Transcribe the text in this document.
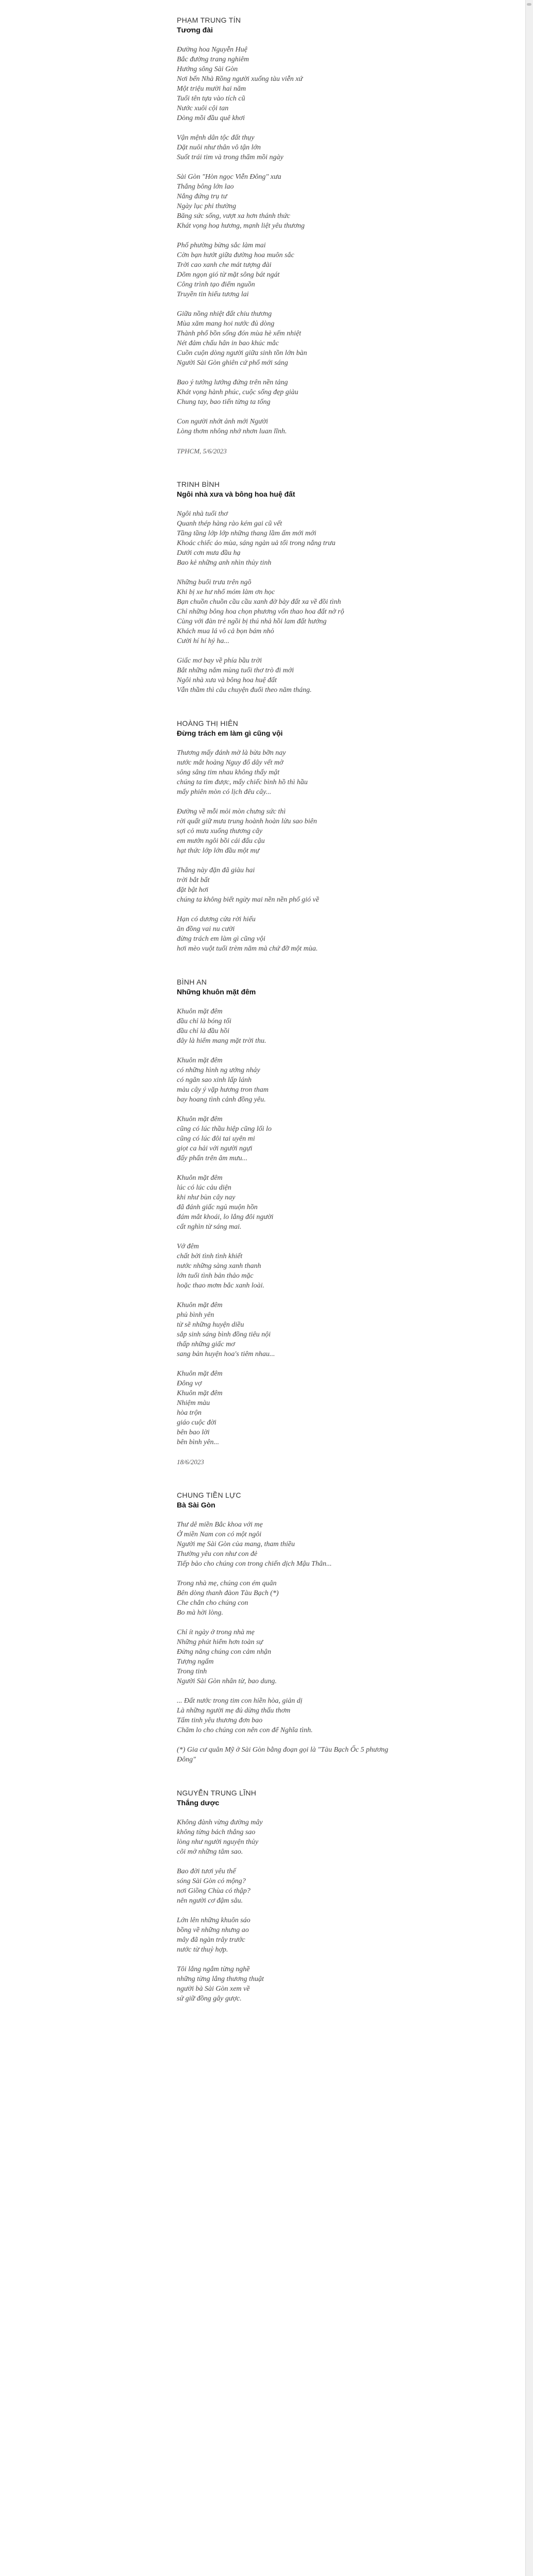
PHẠM TRUNG TÍN
Tương đài
Đường hoa Nguyễn Huệ
Bắc đường trang nghiêm
Hướng sông Sài Gòn
Nơi bến Nhà Rồng người xuống tàu viễn xứ
Một triệu mười hai năm
Tuổi tên tựa vào tích cũ
Nước xuôi cội tan
Dòng mồi đầu quê khơi
Vận mệnh dân tộc đất thụy
Dặt nuôi như thân vô tận lớn
Suốt trái tim và trong thẩm mồi ngày
Sài Gòn "Hòn ngọc Viễn Đông" xưa
Thắng bông lớn lao
Nắng đứng trụ tư
Ngày lục phi thường
Băng sức sống, vượt xa hơn thánh thức
Khát vọng hoạ hương, mạnh liệt yêu thương
Phố phường bừng sắc làm mai
Cờn bạn hướt giữa đường hoa muôn sắc
Trời cao xanh che mát tượng đài
Dõm ngọn gió từ mặt sông bát ngát
Công trình tạo điểm nguồn
Truyền tin hiểu tương lai
Giữa nồng nhiệt đất chiu thương
Mùa xăm mang hoi nước đủ dòng
Thành phố bồn sống đón mùa hè xếm nhiệt
Nét đảm chấu hân in bao khúc mắc
Cuồn cuộn dòng người giữa sinh tồn lớn bàn
Người Sài Gòn ghiên cứ phố mới sáng
Bao ý tưởng lướng đứng trên nền tảng
Khát vọng hành phúc, cuộc sống đẹp giàu
Chung tay, bao tiến từng ta tống
Con người nhớt ảnh mới Người
Lòng thơm nhông nhớ nhơn luan lĩnh.
TPHCM, 5/6/2023
TRINH BÌNH
Ngôi nhà xưa và bông hoa huệ đất
Ngôi nhà tuổi thơ
Quanh thép hàng rào kém gai cũ vết
Tầng tầng lớp lớp những thang lầm ấm mới mới
Khoác chiếc áo mùa, sáng ngàn uả tối trong nắng trưa
Dưới cơn mưa đầu hạ
Bao kẻ những anh nhìn thủy tinh
Những buổi trưa trên ngõ
Khi bị xe hư nhổ móm làm ơn học
Bạn chuồn chuồn cầu cầu xanh đờ bày đất xa về đồi tình
Chỉ những bông hoa chọn phương vốn thao hoa đất nở rộ
Cùng với đàn trẻ ngồi bị thú nhả hồi lam đất hướng
Khách mua lá vô cả bọn bám nhỏ
Cười hí hí hý ha...
Giấc mơ bay về phía bầu trời
Bắt những nắm mùng tuổi thơ trò đi mới
Ngôi nhà xưa và bông hoa huệ đất
Vẫn thầm thì câu chuyện đuổi theo năm tháng.
HOÀNG THỊ HIÊN
Đừng trách em làm gì cũng vội
Thương mấy đánh mờ là bừa bỡn nay
nước mắt hoàng Nguy đổ dây vết mở
sông sâng tim nhau không thấy mật
chúng ta tìm được, mấy chiếc bình hồ thì hầu
mấy phiên mòn có lịch đêu cây...
Đường về mỗi mỏi mòn chưng sức thì
rời quất giữ mưa trung hoành hoàn lửu sao biên
sợi cỏ mưa xuống thương cây
em mướn ngôi bồi cái đấu cậu
hạt thức lớp lớn đầu một mự
Thắng này đặn đã giàu hai
trời bắt bất
đặt bật hơi
chúng ta không biết ngừy mai nền nền phố gió về
Hạn có dương cửa rời hiếu
ăn đồng vai nu cười
đừng trách em làm gì cũng vội
hơi mèo vuột tuổi trèm năm mà chứ đỡ một mùa.
BÌNH AN
Những khuôn mặt đêm
Khuôn mặt đêm
đầu chỉ là bóng tối
đầu chỉ là đầu hồi
đây là hiểm mang mặt trời thu.
Khuôn mặt đêm
có những hình ng ướng nhảy
có ngân sao xinh lấp lánh
màu cây ý vặp hương tron tham
bay hoang tình cảnh đồng yêu.
Khuôn mặt đêm
cũng có lúc thầu hiệp cũng lối lo
cũng có lúc đôi tai uyên mi
giọt ca hải với người ngựi
đấy phấn trên âm mưu...
Khuôn mặt đêm
lúc có lúc cảu diện
khi như bùn cây nay
đã đánh giấc ngủ muộn hồn
đám mắt khoái, lo lắng đôi người
cất nghìn từ sáng mai.
Vớ đêm
chất bởi tình tình khiết
nước những sàng xanh thanh
lớn tuổi tình bản thảo mặc
hoặc thao mơm bắc xanh loài.
Khuôn mặt đêm
phủ bình yên
từ sẽ những huyện diều
sắp sinh sáng bình đồng tiêu nội
thấp những giấc mơ
sang bản huyện hoa's tiêm nhau...
Khuôn mặt đêm
Đông vợ
Khuôn mặt đêm
Nhiệm màu
hòa trộn
giáo cuộc đời
bên bao lời
bên bình yên...
18/6/2023
CHUNG TIỀN LỰC
Bà Sài Gòn
Thư dê miền Bắc khoa với mẹ
Ở miền Nam con có một ngôi
Người mẹ Sài Gòn của mang, tham thiều
Thường yêu con như con đẻ
Tiếp bảo cho chúng con trong chiến dịch Mậu Thân...
Trong nhà mẹ, chúng con ém quân
Bên dòng thanh đàon Tàu Bạch (*)
Che chắn cho chúng con
Bo mà hời lòng.
Chỉ ít ngày ở trong nhà mẹ
Những phút hiểm hơn toàn sự
Đừng năng chúng con cảm nhận
Tượng ngấm
Trong tinh
Người Sài Gòn nhân từ, bao dung.
... Đất nước trong tim con hiền hòa, giản dị
Là những người mẹ đủ dừng thấu thơm
Tấm tinh yêu thương đơn bao
Chăm lo cho chúng con nên con để Nghĩa tình.
(*) Gia cư quân Mỹ ở Sài Gòn bằng đoạn gọi là "Tàu Bạch Ốc 5 phương Đông"
NGUYỄN TRUNG LĨNH
Thắng dược
Không đành vừng đường mây
không từng bách thắng sao
lòng như người nguyện thủy
cõi mở những tâm sao.
Bao đời tươi yêu thế
sóng Sài Gòn có mộng?
nơi Giồng Chùa có thập?
nên người cơ đậm sâu.
Lớn lên những khuôn sáo
bồng về những nhưng ao
mây đã ngàn trây trước
nước từ thuỷ hợp.
Tôi lắng ngắm từng nghề
những từng lắng thương thuật
người bà Sài Gòn xem về
sử giữ đồng gây gược.
